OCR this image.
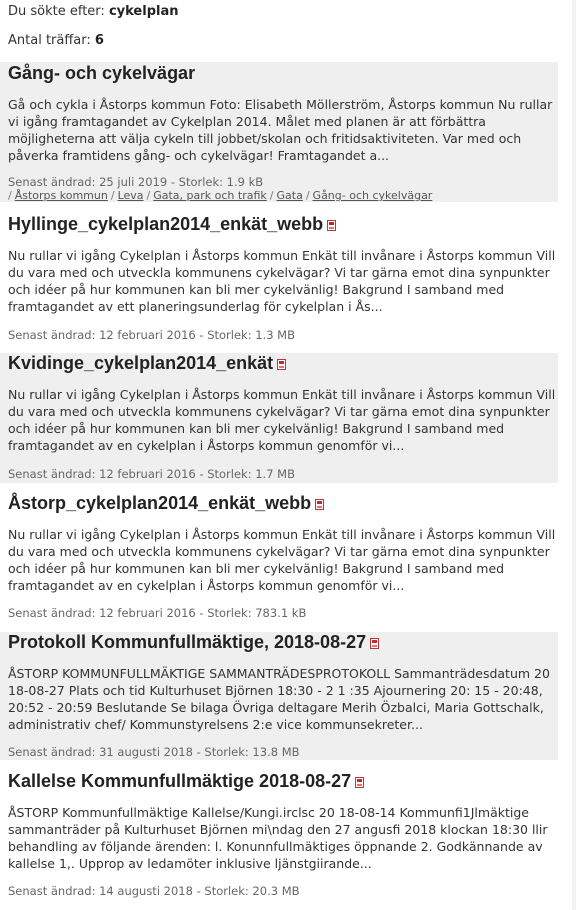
Du sökte efter: cykelplan
Antal träffar: 6
Gång- och cykelvägar
Gå och cykla i Åstorps kommun Foto: Elisabeth Möllerström, Åstorps kommun Nu rullar
vi igång framtagandet av Cykelplan 2014. Målet med planen är att förbättra
möjligheterna att välja cykeln till jobbet/skolan och fritidsaktiviteten. Var med och
påverka framtidens gång- och cykelvägar! Framtagandet a...
Senast ändrad: 25 juli 2019 - Storlek: 1.9 kB
/ Åstorps kommun / Leva / Gata, park och trafik / Gata / Gång- och cykelvägar
Hyllinge_cykelplan2014_enkät_webb
Nu rullar vi igång Cykelplan i Åstorps kommun Enkät till invånare i Åstorps kommun Vill
du vara med och utveckla kommunens cykelvägar? Vi tar gärna emot dina synpunkter
och idéer på hur kommunen kan bli mer cykelvänlig! Bakgrund I samband med
framtagandet av ett planeringsunderlag för cykelplan i Ås...
Senast ändrad: 12 februari 2016 - Storlek: 1.3 MB
Kvidinge_cykelplan2014_enkät
Nu rullar vi igång Cykelplan i Åstorps kommun Enkät till invånare i Åstorps kommun Vill
du vara med och utveckla kommunens cykelvägar? Vi tar gärna emot dina synpunkter
och idéer på hur kommunen kan bli mer cykelvänlig! Bakgrund I samband med
framtagandet av en cykelplan i Åstorps kommun genomför vi...
Senast ändrad: 12 februari 2016 - Storlek: 1.7 MB
Åstorp_cykelplan2014_enkät_webb
Nu rullar vi igång Cykelplan i Åstorps kommun Enkät till invånare i Åstorps kommun Vill
du vara med och utveckla kommunens cykelvägar? Vi tar gärna emot dina synpunkter
och idéer på hur kommunen kan bli mer cykelvänlig! Bakgrund I samband med
framtagandet av en cykelplan i Åstorps kommun genomför vi...
Senast ändrad: 12 februari 2016 - Storlek: 783.1 kB
Protokoll Kommunfullmäktige, 2018-08-27
ÅSTORP KOMMUNFULLMÄKTIGE SAMMANTRÄDESPROTOKOLL Sammanträdesdatum 20
18-08-27 Plats och tid Kulturhuset Björnen 18:30 - 2 1 :35 Ajournering 20: 15 - 20:48,
20:52 - 20:59 Beslutande Se bilaga Övriga deltagare Merih Özbalci, Maria Gottschalk,
administrativ chef/ Kommunstyrelsens 2:e vice kommunsekreter...
Senast ändrad: 31 augusti 2018 - Storlek: 13.8 MB
Kallelse Kommunfullmäktige 2018-08-27
ÅSTORP Kommunfullmäktige Kallelse/Kungi.irclsc 20 18-08-14 Kommunfi1Jlmäktige
sammanträder på Kulturhuset Björnen mi\ndag den 27 angusfi 2018 klockan 18:30 llir
behandling av följande ärenden: l. Konunnfullmäktiges öppnande 2. Godkännande av
kallelse 1,. Upprop av ledamöter inklusive ljänstgiirande...
Senast ändrad: 14 augusti 2018 - Storlek: 20.3 MB
